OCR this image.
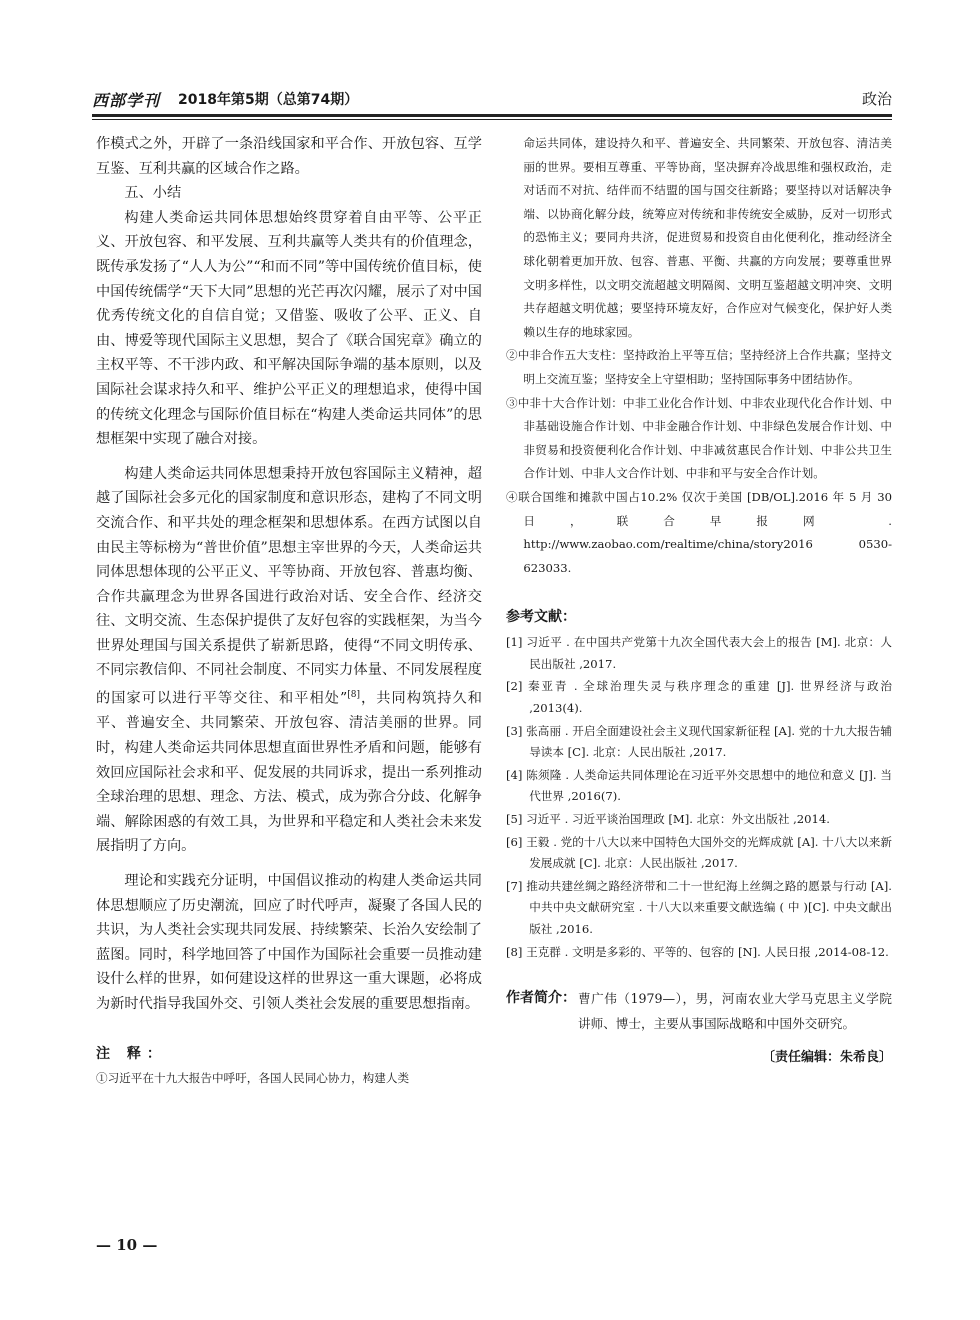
西部学刊 2018年第5期（总第74期）	政治

作模式之外，开辟了一条沿线国家和平合作、开放包容、互学互鉴、互利共赢的区域合作之路。

五、小结

构建人类命运共同体思想始终贯穿着自由平等、公平正义、开放包容、和平发展、互利共赢等人类共有的价值理念，既传承发扬了“人人为公”“和而不同”等中国传统价值目标，使中国传统儒学“天下大同”思想的光芒再次闪耀，展示了对中国优秀传统文化的自信自觉；又借鉴、吸收了公平、正义、自由、博爱等现代国际主义思想，契合了《联合国宪章》确立的主权平等、不干涉内政、和平解决国际争端的基本原则，以及国际社会谋求持久和平、维护公平正义的理想追求，使得中国的传统文化理念与国际价值目标在“构建人类命运共同体”的思想框架中实现了融合对接。

构建人类命运共同体思想秉持开放包容国际主义精神，超越了国际社会多元化的国家制度和意识形态，建构了不同文明交流合作、和平共处的理念框架和思想体系。在西方试图以自由民主等标榜为“普世价值”思想主宰世界的今天，人类命运共同体思想体现的公平正义、平等协商、开放包容、普惠均衡、合作共赢理念为世界各国进行政治对话、安全合作、经济交往、文明交流、生态保护提供了友好包容的实践框架，为当今世界处理国与国关系提供了崭新思路，使得“不同文明传承、不同宗教信仰、不同社会制度、不同实力体量、不同发展程度的国家可以进行平等交往、和平相处”[8]，共同构筑持久和平、普遍安全、共同繁荣、开放包容、清洁美丽的世界。同时，构建人类命运共同体思想直面世界性矛盾和问题，能够有效回应国际社会求和平、促发展的共同诉求，提出一系列推动全球治理的思想、理念、方法、模式，成为弥合分歧、化解争端、解除困惑的有效工具，为世界和平稳定和人类社会未来发展指明了方向。

理论和实践充分证明，中国倡议推动的构建人类命运共同体思想顺应了历史潮流，回应了时代呼声，凝聚了各国人民的共识，为人类社会实现共同发展、持续繁荣、长治久安绘制了蓝图。同时，科学地回答了中国作为国际社会重要一员推动建设什么样的世界，如何建设这样的世界这一重大课题，必将成为新时代指导我国外交、引领人类社会发展的重要思想指南。

注 释：

①习近平在十九大报告中呼吁，各国人民同心协力，构建人类

命运共同体，建设持久和平、普遍安全、共同繁荣、开放包容、清洁美丽的世界。要相互尊重、平等协商，坚决摒弃冷战思维和强权政治，走对话而不对抗、结伴而不结盟的国与国交往新路；要坚持以对话解决争端、以协商化解分歧，统筹应对传统和非传统安全威胁，反对一切形式的恐怖主义；要同舟共济，促进贸易和投资自由化便利化，推动经济全球化朝着更加开放、包容、普惠、平衡、共赢的方向发展；要尊重世界文明多样性，以文明交流超越文明隔阂、文明互鉴超越文明冲突、文明共存超越文明优越；要坚持环境友好，合作应对气候变化，保护好人类赖以生存的地球家园。

②中非合作五大支柱：坚持政治上平等互信；坚持经济上合作共赢；坚持文明上交流互鉴；坚持安全上守望相助；坚持国际事务中团结协作。

③中非十大合作计划：中非工业化合作计划、中非农业现代化合作计划、中非基础设施合作计划、中非金融合作计划、中非绿色发展合作计划、中非贸易和投资便利化合作计划、中非减贫惠民合作计划、中非公共卫生合作计划、中非人文合作计划、中非和平与安全合作计划。

④联合国维和摊款中国占10.2% 仅次于美国 [DB/OL].2016 年 5 月 30 日，联合早报网 . http://www.zaobao.com/realtime/china/story2016 0530-623033.

参考文献：

[1] 习近平 . 在中国共产党第十九次全国代表大会上的报告 [M]. 北京：人民出版社 ,2017.

[2] 秦亚青 . 全球治理失灵与秩序理念的重建 [J]. 世界经济与政治 ,2013(4).

[3] 张高丽 . 开启全面建设社会主义现代国家新征程 [A]. 党的十九大报告辅导读本 [C]. 北京：人民出版社 ,2017.

[4] 陈须隆 . 人类命运共同体理论在习近平外交思想中的地位和意义 [J]. 当代世界 ,2016(7).

[5] 习近平 . 习近平谈治国理政 [M]. 北京：外文出版社 ,2014.

[6] 王毅 . 党的十八大以来中国特色大国外交的光辉成就 [A]. 十八大以来新发展成就 [C]. 北京：人民出版社 ,2017.

[7] 推动共建丝绸之路经济带和二十一世纪海上丝绸之路的愿景与行动 [A]. 中共中央文献研究室 . 十八大以来重要文献选编 ( 中 )[C]. 中央文献出版社 ,2016.

[8] 王克群 . 文明是多彩的、平等的、包容的 [N]. 人民日报 ,2014-08-12.

作者简介： 曹广伟（1979—），男，河南农业大学马克思主义学院讲师、博士，主要从事国际战略和中国外交研究。
〔责任编辑：朱希良〕
— 10 —
